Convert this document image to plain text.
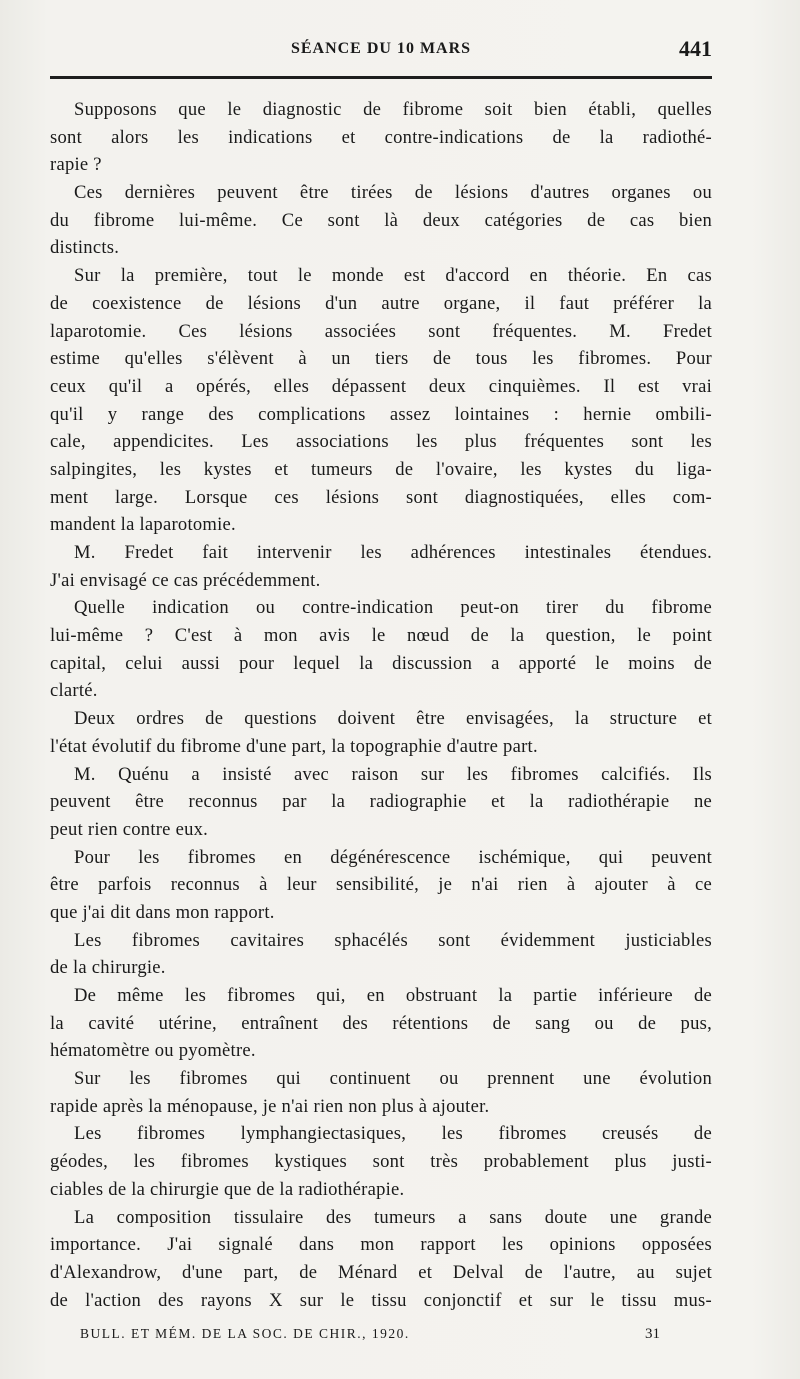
SÉANCE DU 10 MARS	441
Supposons que le diagnostic de fibrome soit bien établi, quelles
sont alors les indications et contre-indications de la radiothé-
rapie ?
Ces dernières peuvent être tirées de lésions d'autres organes ou
du fibrome lui-même. Ce sont là deux catégories de cas bien
distincts.
Sur la première, tout le monde est d'accord en théorie. En cas
de coexistence de lésions d'un autre organe, il faut préférer la
laparotomie. Ces lésions associées sont fréquentes. M. Fredet
estime qu'elles s'élèvent à un tiers de tous les fibromes. Pour
ceux qu'il a opérés, elles dépassent deux cinquièmes. Il est vrai
qu'il y range des complications assez lointaines : hernie ombili-
cale, appendicites. Les associations les plus fréquentes sont les
salpingites, les kystes et tumeurs de l'ovaire, les kystes du liga-
ment large. Lorsque ces lésions sont diagnostiquées, elles com-
mandent la laparotomie.
M. Fredet fait intervenir les adhérences intestinales étendues.
J'ai envisagé ce cas précédemment.
Quelle indication ou contre-indication peut-on tirer du fibrome
lui-même ? C'est à mon avis le nœud de la question, le point
capital, celui aussi pour lequel la discussion a apporté le moins de
clarté.
Deux ordres de questions doivent être envisagées, la structure et
l'état évolutif du fibrome d'une part, la topographie d'autre part.
M. Quénu a insisté avec raison sur les fibromes calcifiés. Ils
peuvent être reconnus par la radiographie et la radiothérapie ne
peut rien contre eux.
Pour les fibromes en dégénérescence ischémique, qui peuvent
être parfois reconnus à leur sensibilité, je n'ai rien à ajouter à ce
que j'ai dit dans mon rapport.
Les fibromes cavitaires sphacélés sont évidemment justiciables
de la chirurgie.
De même les fibromes qui, en obstruant la partie inférieure de
la cavité utérine, entraînent des rétentions de sang ou de pus,
hématomètre ou pyomètre.
Sur les fibromes qui continuent ou prennent une évolution
rapide après la ménopause, je n'ai rien non plus à ajouter.
Les fibromes lymphangiectasiques, les fibromes creusés de
géodes, les fibromes kystiques sont très probablement plus justi-
ciables de la chirurgie que de la radiothérapie.
La composition tissulaire des tumeurs a sans doute une grande
importance. J'ai signalé dans mon rapport les opinions opposées
d'Alexandrow, d'une part, de Ménard et Delval de l'autre, au sujet
de l'action des rayons X sur le tissu conjonctif et sur le tissu mus-
BULL. ET MÉM. DE LA SOC. DE CHIR., 1920.	31
